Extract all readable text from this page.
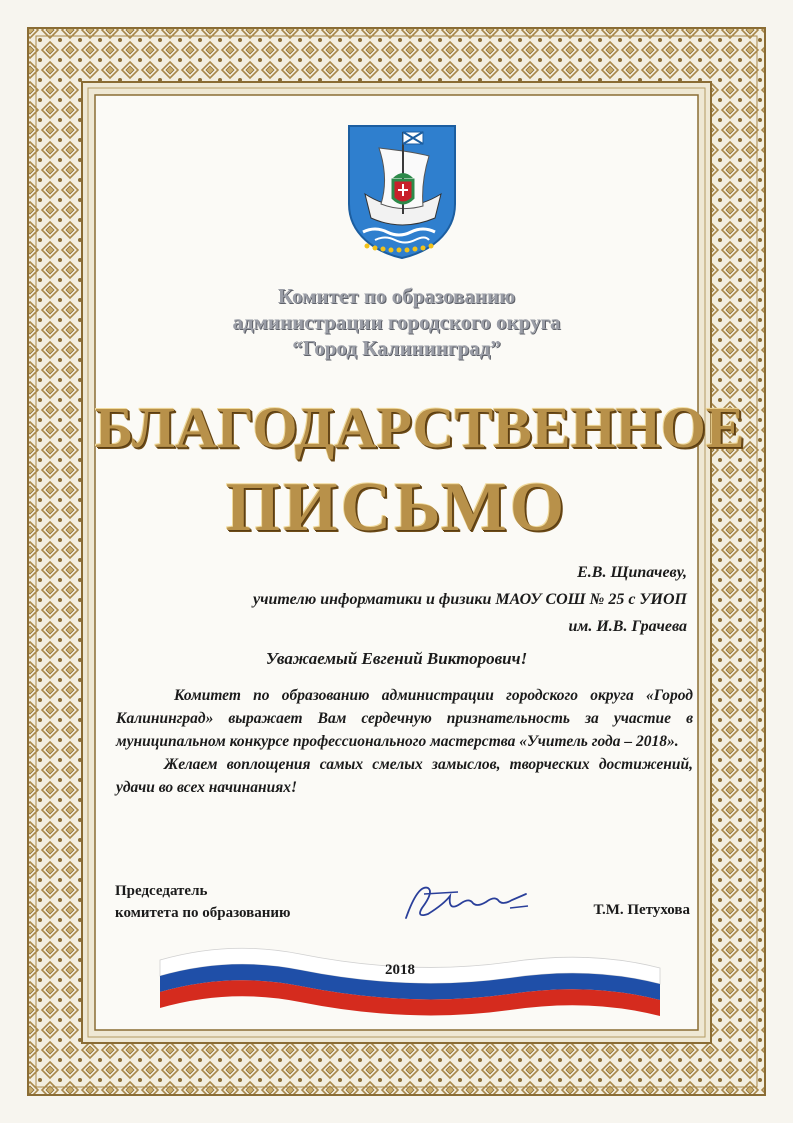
Комитет по образованию
администрации городского округа
“Город Калининград”
БЛАГОДАРСТВЕННОЕ
ПИСЬМО
Е.В. Щипачеву,
учителю информатики и физики МАОУ СОШ № 25 с УИОП
им. И.В. Грачева
Уважаемый Евгений Викторович!

Комитет по образованию администрации городского округа «Город Калининград» выражает Вам сердечную признательность за участие в муниципальном конкурсе профессионального мастерства «Учитель года – 2018».

Желаем воплощения самых смелых замыслов, творческих достижений, удачи во всех начинаниях!

Председатель
комитета по образованию	Т.М. Петухова
2018
